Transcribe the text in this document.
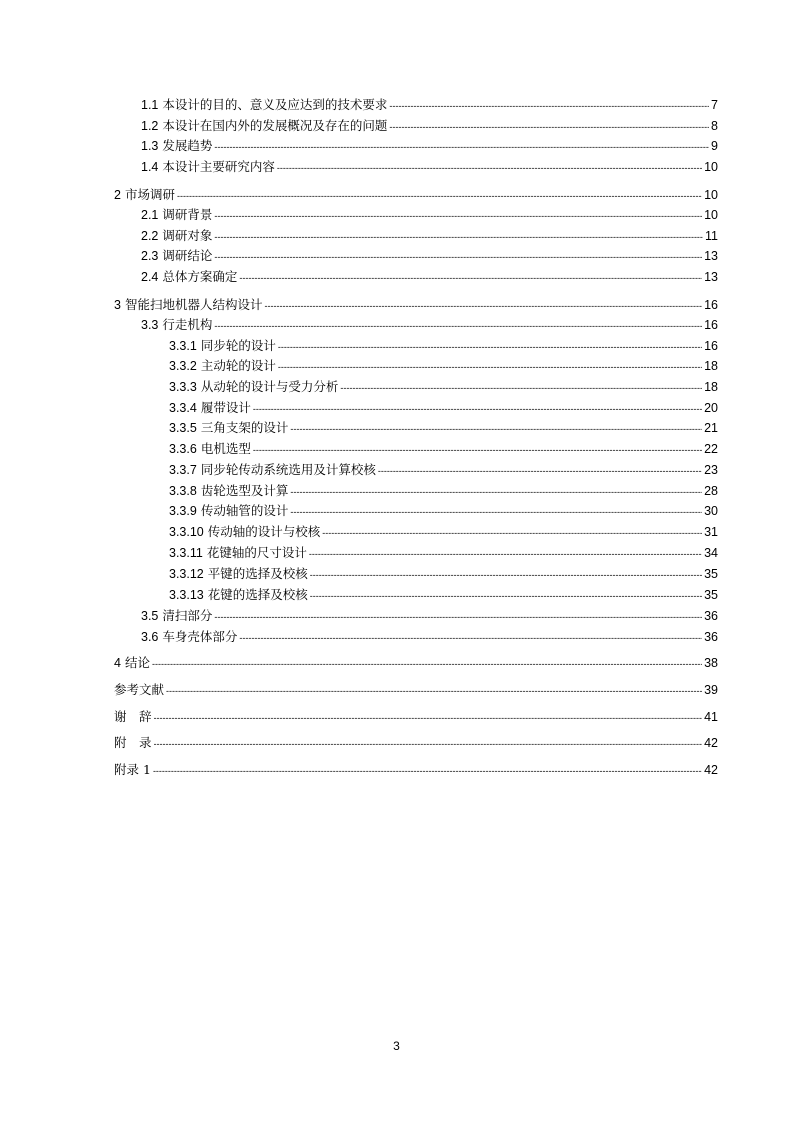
1.1 本设计的目的、意义及应达到的技术要求 -----	7
1.2 本设计在国内外的发展概况及存在的问题 -----	8
1.3 发展趋势 -----	9
1.4 本设计主要研究内容 -----	10
2 市场调研 -----	10
2.1 调研背景 -----	10
2.2 调研对象 -----	11
2.3 调研结论 -----	13
2.4 总体方案确定 -----	13
3 智能扫地机器人结构设计 -----	16
3.3 行走机构 -----	16
3.3.1 同步轮的设计 -----	16
3.3.2 主动轮的设计 -----	18
3.3.3 从动轮的设计与受力分析 -----	18
3.3.4 履带设计 -----	20
3.3.5 三角支架的设计 -----	21
3.3.6 电机选型 -----	22
3.3.7 同步轮传动系统选用及计算校核 -----	23
3.3.8 齿轮选型及计算 -----	28
3.3.9 传动轴管的设计 -----	30
3.3.10 传动轴的设计与校核 -----	31
3.3.11 花键轴的尺寸设计 -----	34
3.3.12 平键的选择及校核 -----	35
3.3.13 花键的选择及校核 -----	35
3.5 清扫部分 -----	36
3.6 车身壳体部分 -----	36
4 结论 -----	38
参考文献 -----	39
谢　辞 -----	41
附　录 -----	42
附录 1 -----	42
3
